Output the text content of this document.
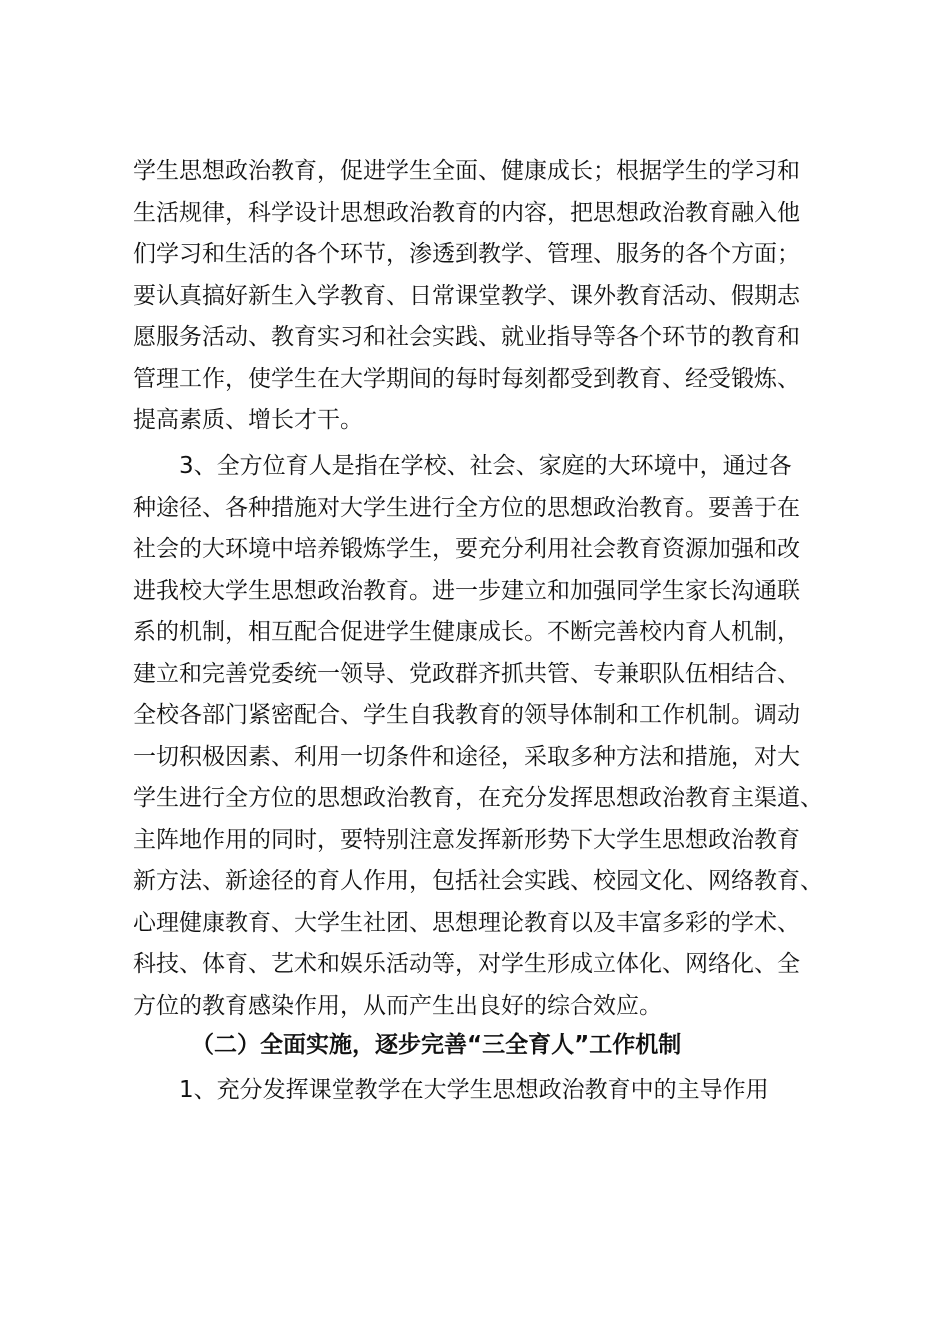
学生思想政治教育，促进学生全面、健康成长；根据学生的学习和
生活规律，科学设计思想政治教育的内容，把思想政治教育融入他
们学习和生活的各个环节，渗透到教学、管理、服务的各个方面；
要认真搞好新生入学教育、日常课堂教学、课外教育活动、假期志
愿服务活动、教育实习和社会实践、就业指导等各个环节的教育和
管理工作，使学生在大学期间的每时每刻都受到教育、经受锻炼、
提高素质、增长才干。
3、全方位育人是指在学校、社会、家庭的大环境中，通过各
种途径、各种措施对大学生进行全方位的思想政治教育。要善于在
社会的大环境中培养锻炼学生，要充分利用社会教育资源加强和改
进我校大学生思想政治教育。进一步建立和加强同学生家长沟通联
系的机制，相互配合促进学生健康成长。不断完善校内育人机制，
建立和完善党委统一领导、党政群齐抓共管、专兼职队伍相结合、
全校各部门紧密配合、学生自我教育的领导体制和工作机制。调动
一切积极因素、利用一切条件和途径，采取多种方法和措施，对大
学生进行全方位的思想政治教育，在充分发挥思想政治教育主渠道、
主阵地作用的同时，要特别注意发挥新形势下大学生思想政治教育
新方法、新途径的育人作用，包括社会实践、校园文化、网络教育、
心理健康教育、大学生社团、思想理论教育以及丰富多彩的学术、
科技、体育、艺术和娱乐活动等，对学生形成立体化、网络化、全
方位的教育感染作用，从而产生出良好的综合效应。
（二）全面实施，逐步完善“三全育人”工作机制
1、充分发挥课堂教学在大学生思想政治教育中的主导作用
